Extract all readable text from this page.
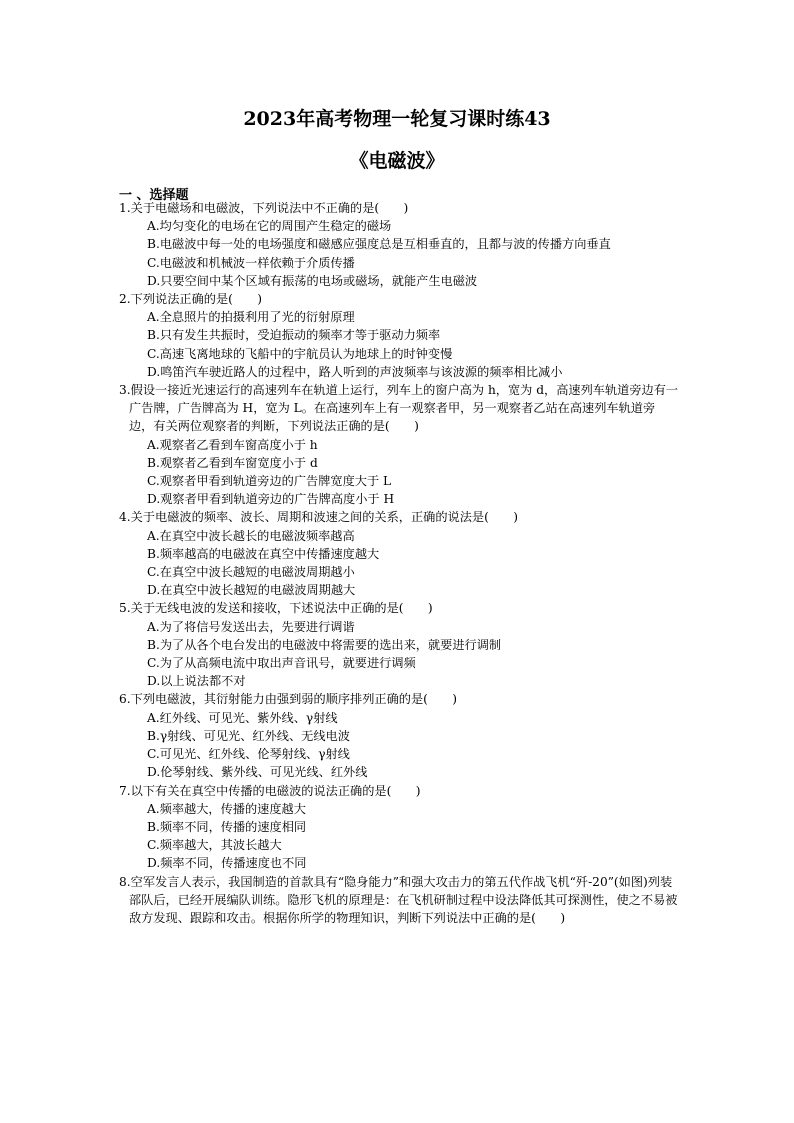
2023年高考物理一轮复习课时练43
《电磁波》
一 、选择题

1.关于电磁场和电磁波，下列说法中不正确的是(　　)

A.均匀变化的电场在它的周围产生稳定的磁场

B.电磁波中每一处的电场强度和磁感应强度总是互相垂直的，且都与波的传播方向垂直

C.电磁波和机械波一样依赖于介质传播

D.只要空间中某个区域有振荡的电场或磁场，就能产生电磁波

2.下列说法正确的是(　　)

A.全息照片的拍摄利用了光的衍射原理

B.只有发生共振时，受迫振动的频率才等于驱动力频率

C.高速飞离地球的飞船中的宇航员认为地球上的时钟变慢

D.鸣笛汽车驶近路人的过程中，路人听到的声波频率与该波源的频率相比减小

3.假设一接近光速运行的高速列车在轨道上运行，列车上的窗户高为 h，宽为 d，高速列车轨道旁边有一广告牌，广告牌高为 H，宽为 L。在高速列车上有一观察者甲，另一观察者乙站在高速列车轨道旁边，有关两位观察者的判断，下列说法正确的是(　　)

A.观察者乙看到车窗高度小于 h

B.观察者乙看到车窗宽度小于 d

C.观察者甲看到轨道旁边的广告牌宽度大于 L

D.观察者甲看到轨道旁边的广告牌高度小于 H

4.关于电磁波的频率、波长、周期和波速之间的关系，正确的说法是(　　)

A.在真空中波长越长的电磁波频率越高

B.频率越高的电磁波在真空中传播速度越大

C.在真空中波长越短的电磁波周期越小

D.在真空中波长越短的电磁波周期越大

5.关于无线电波的发送和接收，下述说法中正确的是(　　)

A.为了将信号发送出去，先要进行调谐

B.为了从各个电台发出的电磁波中将需要的选出来，就要进行调制

C.为了从高频电流中取出声音讯号，就要进行调频

D.以上说法都不对

6.下列电磁波，其衍射能力由强到弱的顺序排列正确的是(　　)

A.红外线、可见光、紫外线、γ射线

B.γ射线、可见光、红外线、无线电波

C.可见光、红外线、伦琴射线、γ射线

D.伦琴射线、紫外线、可见光线、红外线

7.以下有关在真空中传播的电磁波的说法正确的是(　　)

A.频率越大，传播的速度越大

B.频率不同，传播的速度相同

C.频率越大，其波长越大

D.频率不同，传播速度也不同

8.空军发言人表示，我国制造的首款具有“隐身能力”和强大攻击力的第五代作战飞机“歼-20”(如图)列装部队后，已经开展编队训练。隐形飞机的原理是：在飞机研制过程中设法降低其可探测性，使之不易被敌方发现、跟踪和攻击。根据你所学的物理知识，判断下列说法中正确的是(　　)
